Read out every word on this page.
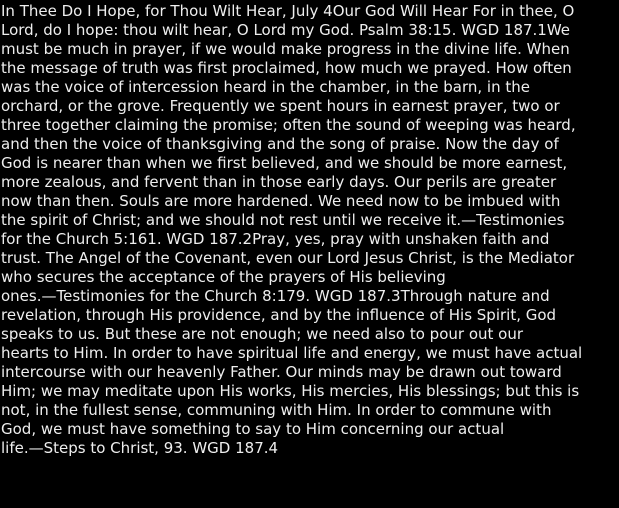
In Thee Do I Hope, for Thou Wilt Hear, July 4Our God Will Hear For in thee, O
Lord, do I hope: thou wilt hear, O Lord my God. Psalm 38:15. WGD 187.1We
must be much in prayer, if we would make progress in the divine life. When
the message of truth was first proclaimed, how much we prayed. How often
was the voice of intercession heard in the chamber, in the barn, in the
orchard, or the grove. Frequently we spent hours in earnest prayer, two or
three together claiming the promise; often the sound of weeping was heard,
and then the voice of thanksgiving and the song of praise. Now the day of
God is nearer than when we first believed, and we should be more earnest,
more zealous, and fervent than in those early days. Our perils are greater
now than then. Souls are more hardened. We need now to be imbued with
the spirit of Christ; and we should not rest until we receive it.—Testimonies
for the Church 5:161. WGD 187.2Pray, yes, pray with unshaken faith and
trust. The Angel of the Covenant, even our Lord Jesus Christ, is the Mediator
who secures the acceptance of the prayers of His believing
ones.—Testimonies for the Church 8:179. WGD 187.3Through nature and
revelation, through His providence, and by the influence of His Spirit, God
speaks to us. But these are not enough; we need also to pour out our
hearts to Him. In order to have spiritual life and energy, we must have actual
intercourse with our heavenly Father. Our minds may be drawn out toward
Him; we may meditate upon His works, His mercies, His blessings; but this is
not, in the fullest sense, communing with Him. In order to commune with
God, we must have something to say to Him concerning our actual
life.—Steps to Christ, 93. WGD 187.4
